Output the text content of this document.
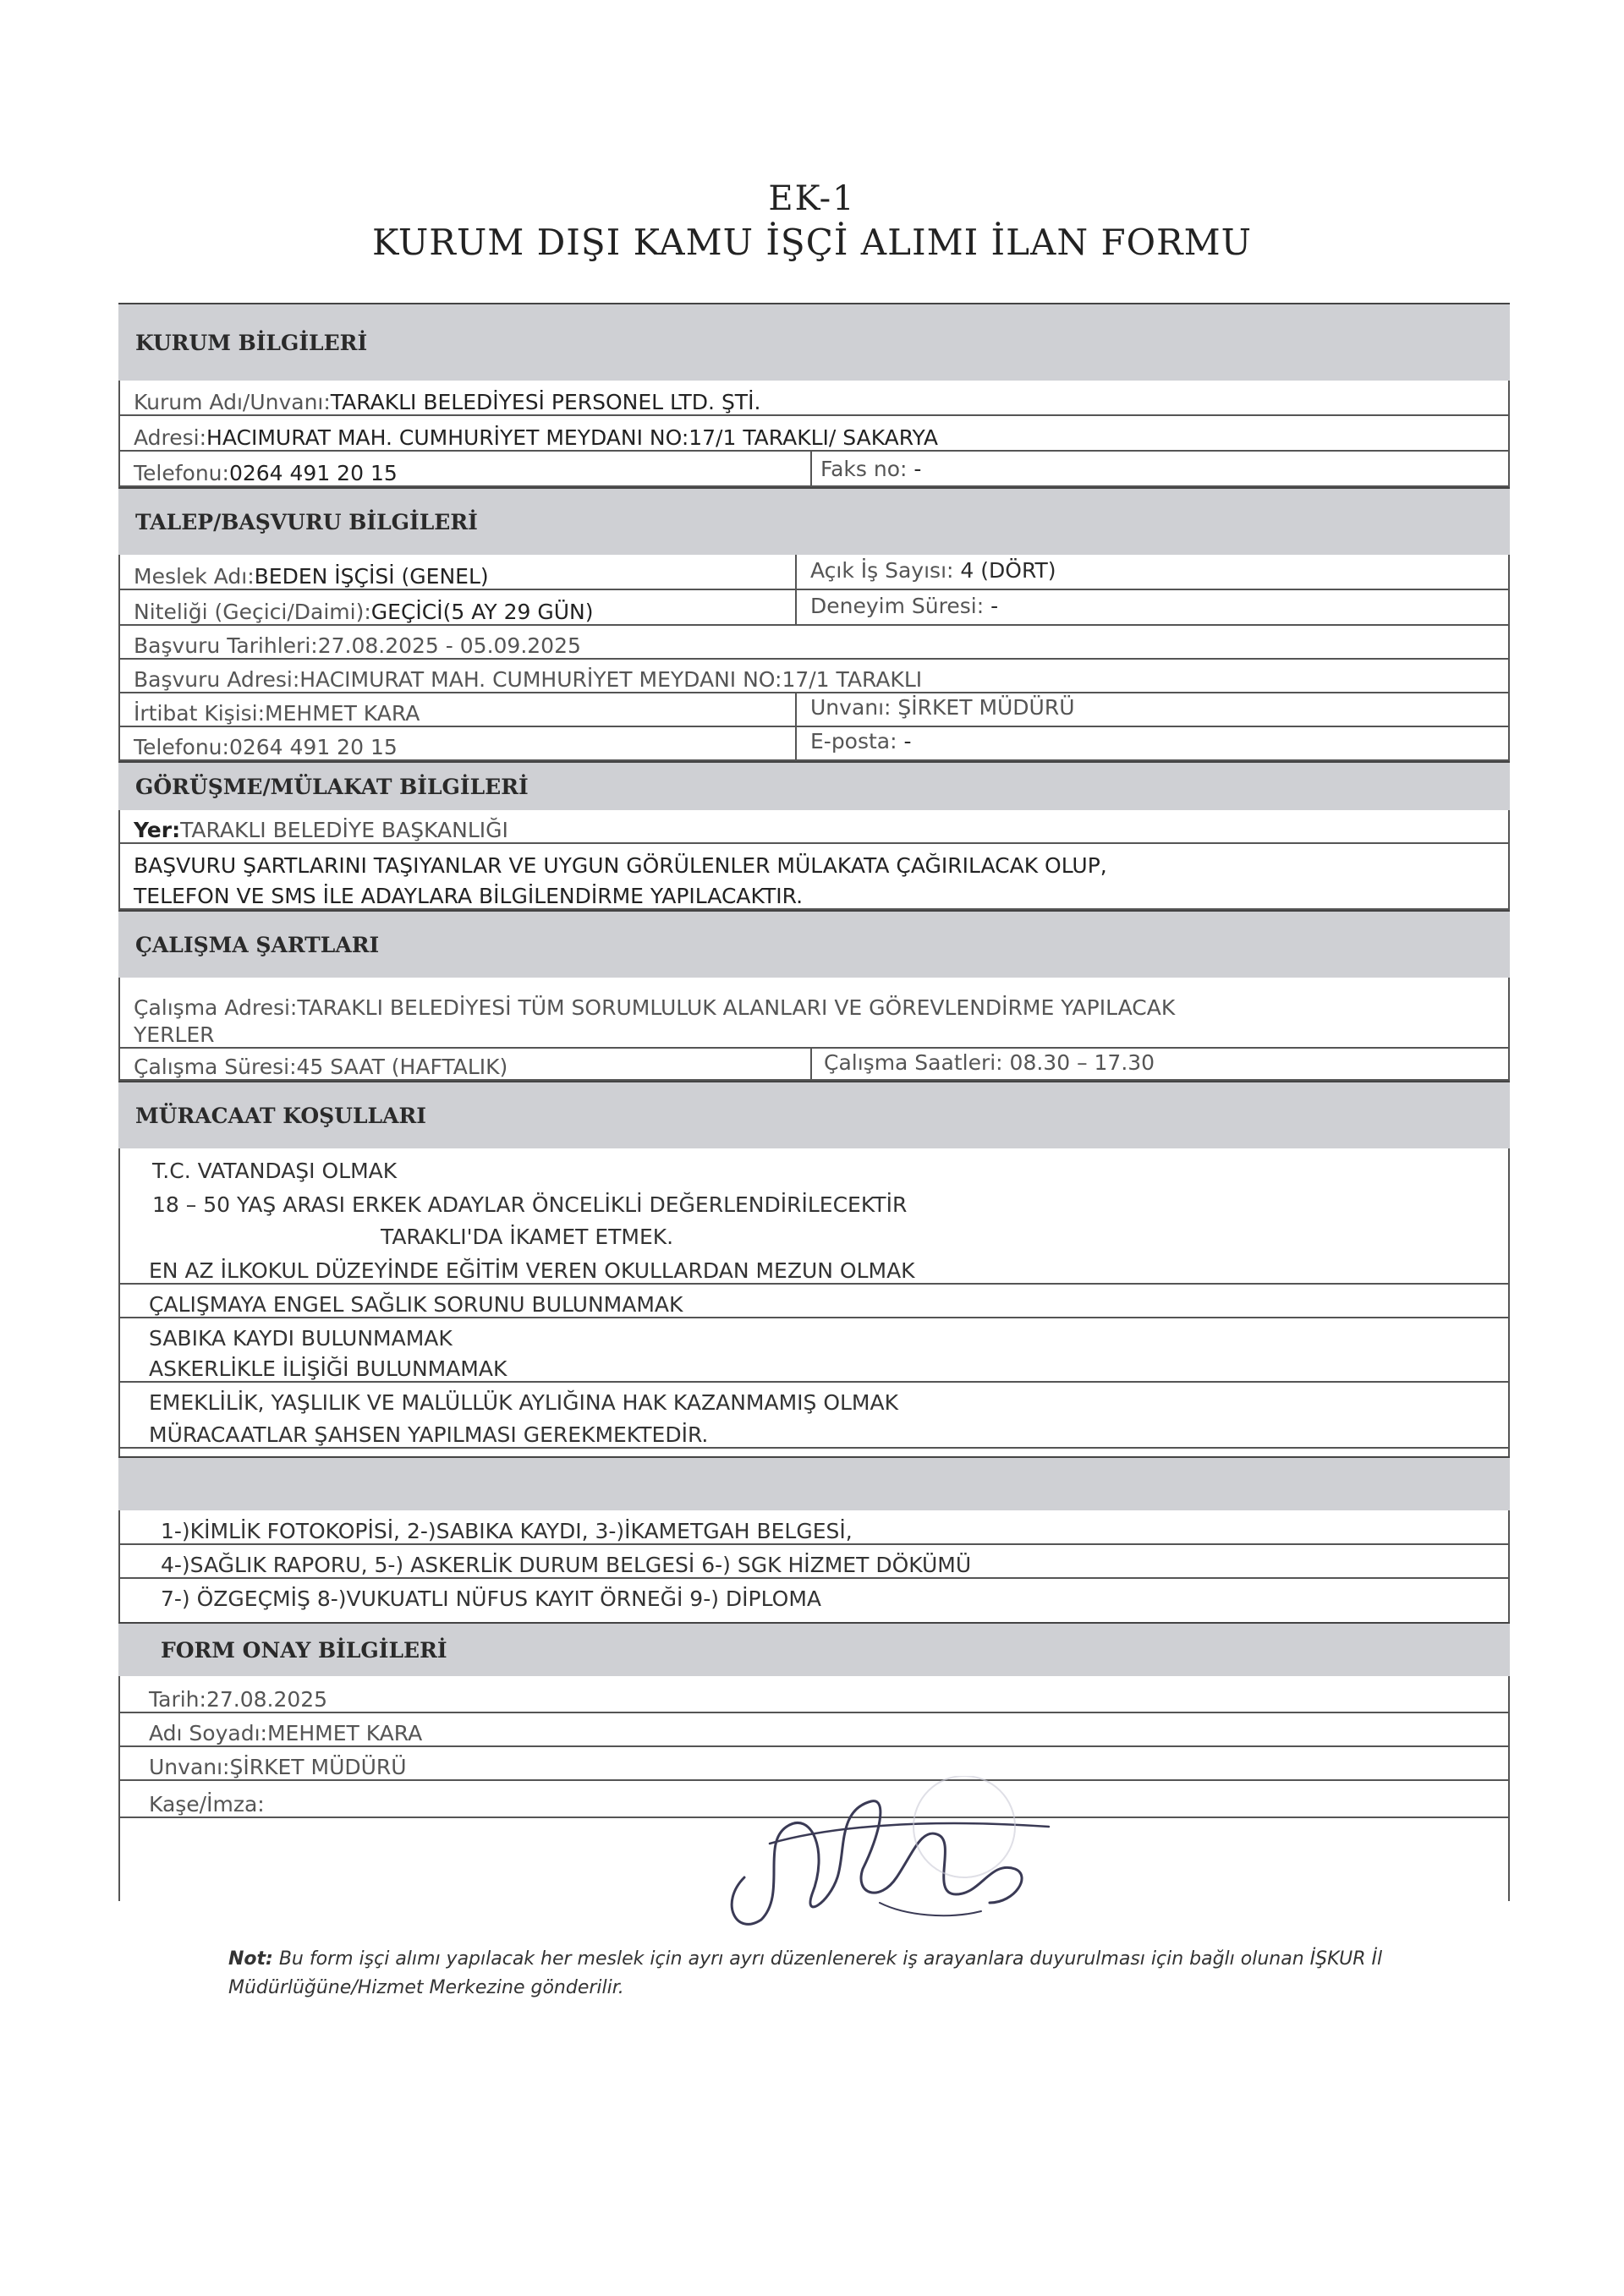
EK-1
KURUM DIŞI KAMU İŞÇİ ALIMI İLAN FORMU
KURUM BİLGİLERİ
Kurum Adı/Unvanı: TARAKLI BELEDİYESİ PERSONEL LTD. ŞTİ.
Adresi: HACIMURAT MAH. CUMHURİYET MEYDANI NO:17/1 TARAKLI/ SAKARYA
Telefonu: 0264 491 20 15	Faks no: -
TALEP/BAŞVURU BİLGİLERİ
Meslek Adı: BEDEN İŞÇİSİ (GENEL)	Açık İş Sayısı: 4 (DÖRT)
Niteliği (Geçici/Daimi): GEÇİCİ(5 AY 29 GÜN)	Deneyim Süresi: -
Başvuru Tarihleri: 27.08.2025 - 05.09.2025
Başvuru Adresi: HACIMURAT MAH. CUMHURİYET MEYDANI NO:17/1 TARAKLI
İrtibat Kişisi: MEHMET KARA	Unvanı: ŞİRKET MÜDÜRÜ
Telefonu: 0264 491 20 15	E-posta: -
GÖRÜŞME/MÜLAKAT BİLGİLERİ
Yer: TARAKLI BELEDİYE BAŞKANLIĞI
BAŞVURU ŞARTLARINI TAŞIYANLAR VE UYGUN GÖRÜLENLER MÜLAKATA ÇAĞIRILACAK OLUP,
TELEFON VE SMS İLE ADAYLARA BİLGİLENDİRME YAPILACAKTIR.
ÇALIŞMA ŞARTLARI
Çalışma Adresi: TARAKLI BELEDİYESİ TÜM SORUMLULUK ALANLARI VE GÖREVLENDİRME YAPILACAK
YERLER
Çalışma Süresi: 45 SAAT (HAFTALIK)	Çalışma Saatleri: 08.30 – 17.30
MÜRACAAT KOŞULLARI
T.C. VATANDAŞI OLMAK
18 – 50 YAŞ ARASI ERKEK ADAYLAR ÖNCELİKLİ DEĞERLENDİRİLECEKTİR
TARAKLI'DA İKAMET ETMEK.
EN AZ İLKOKUL DÜZEYİNDE EĞİTİM VEREN OKULLARDAN MEZUN OLMAK
ÇALIŞMAYA ENGEL SAĞLIK SORUNU BULUNMAMAK
SABIKA KAYDI BULUNMAMAK
ASKERLİKLE İLİŞİĞİ BULUNMAMAK
EMEKLİLİK, YAŞLILIK VE MALÜLLÜK AYLIĞINA HAK KAZANMAMIŞ OLMAK
MÜRACAATLAR ŞAHSEN YAPILMASI GEREKMEKTEDİR.
1-)KİMLİK FOTOKOPİSİ, 2-)SABIKA KAYDI, 3-)İKAMETGAH BELGESİ,
4-)SAĞLIK RAPORU, 5-) ASKERLİK DURUM BELGESİ 6-) SGK HİZMET DÖKÜMÜ
7-) ÖZGEÇMİŞ 8-)VUKUATLI NÜFUS KAYIT ÖRNEĞİ 9-) DİPLOMA
FORM ONAY BİLGİLERİ
Tarih: 27.08.2025
Adı Soyadı: MEHMET KARA
Unvanı: ŞİRKET MÜDÜRÜ
Kaşe/İmza:
Not: Bu form işçi alımı yapılacak her meslek için ayrı ayrı düzenlenerek iş arayanlara duyurulması için bağlı olunan İŞKUR İl Müdürlüğüne/Hizmet Merkezine gönderilir.
